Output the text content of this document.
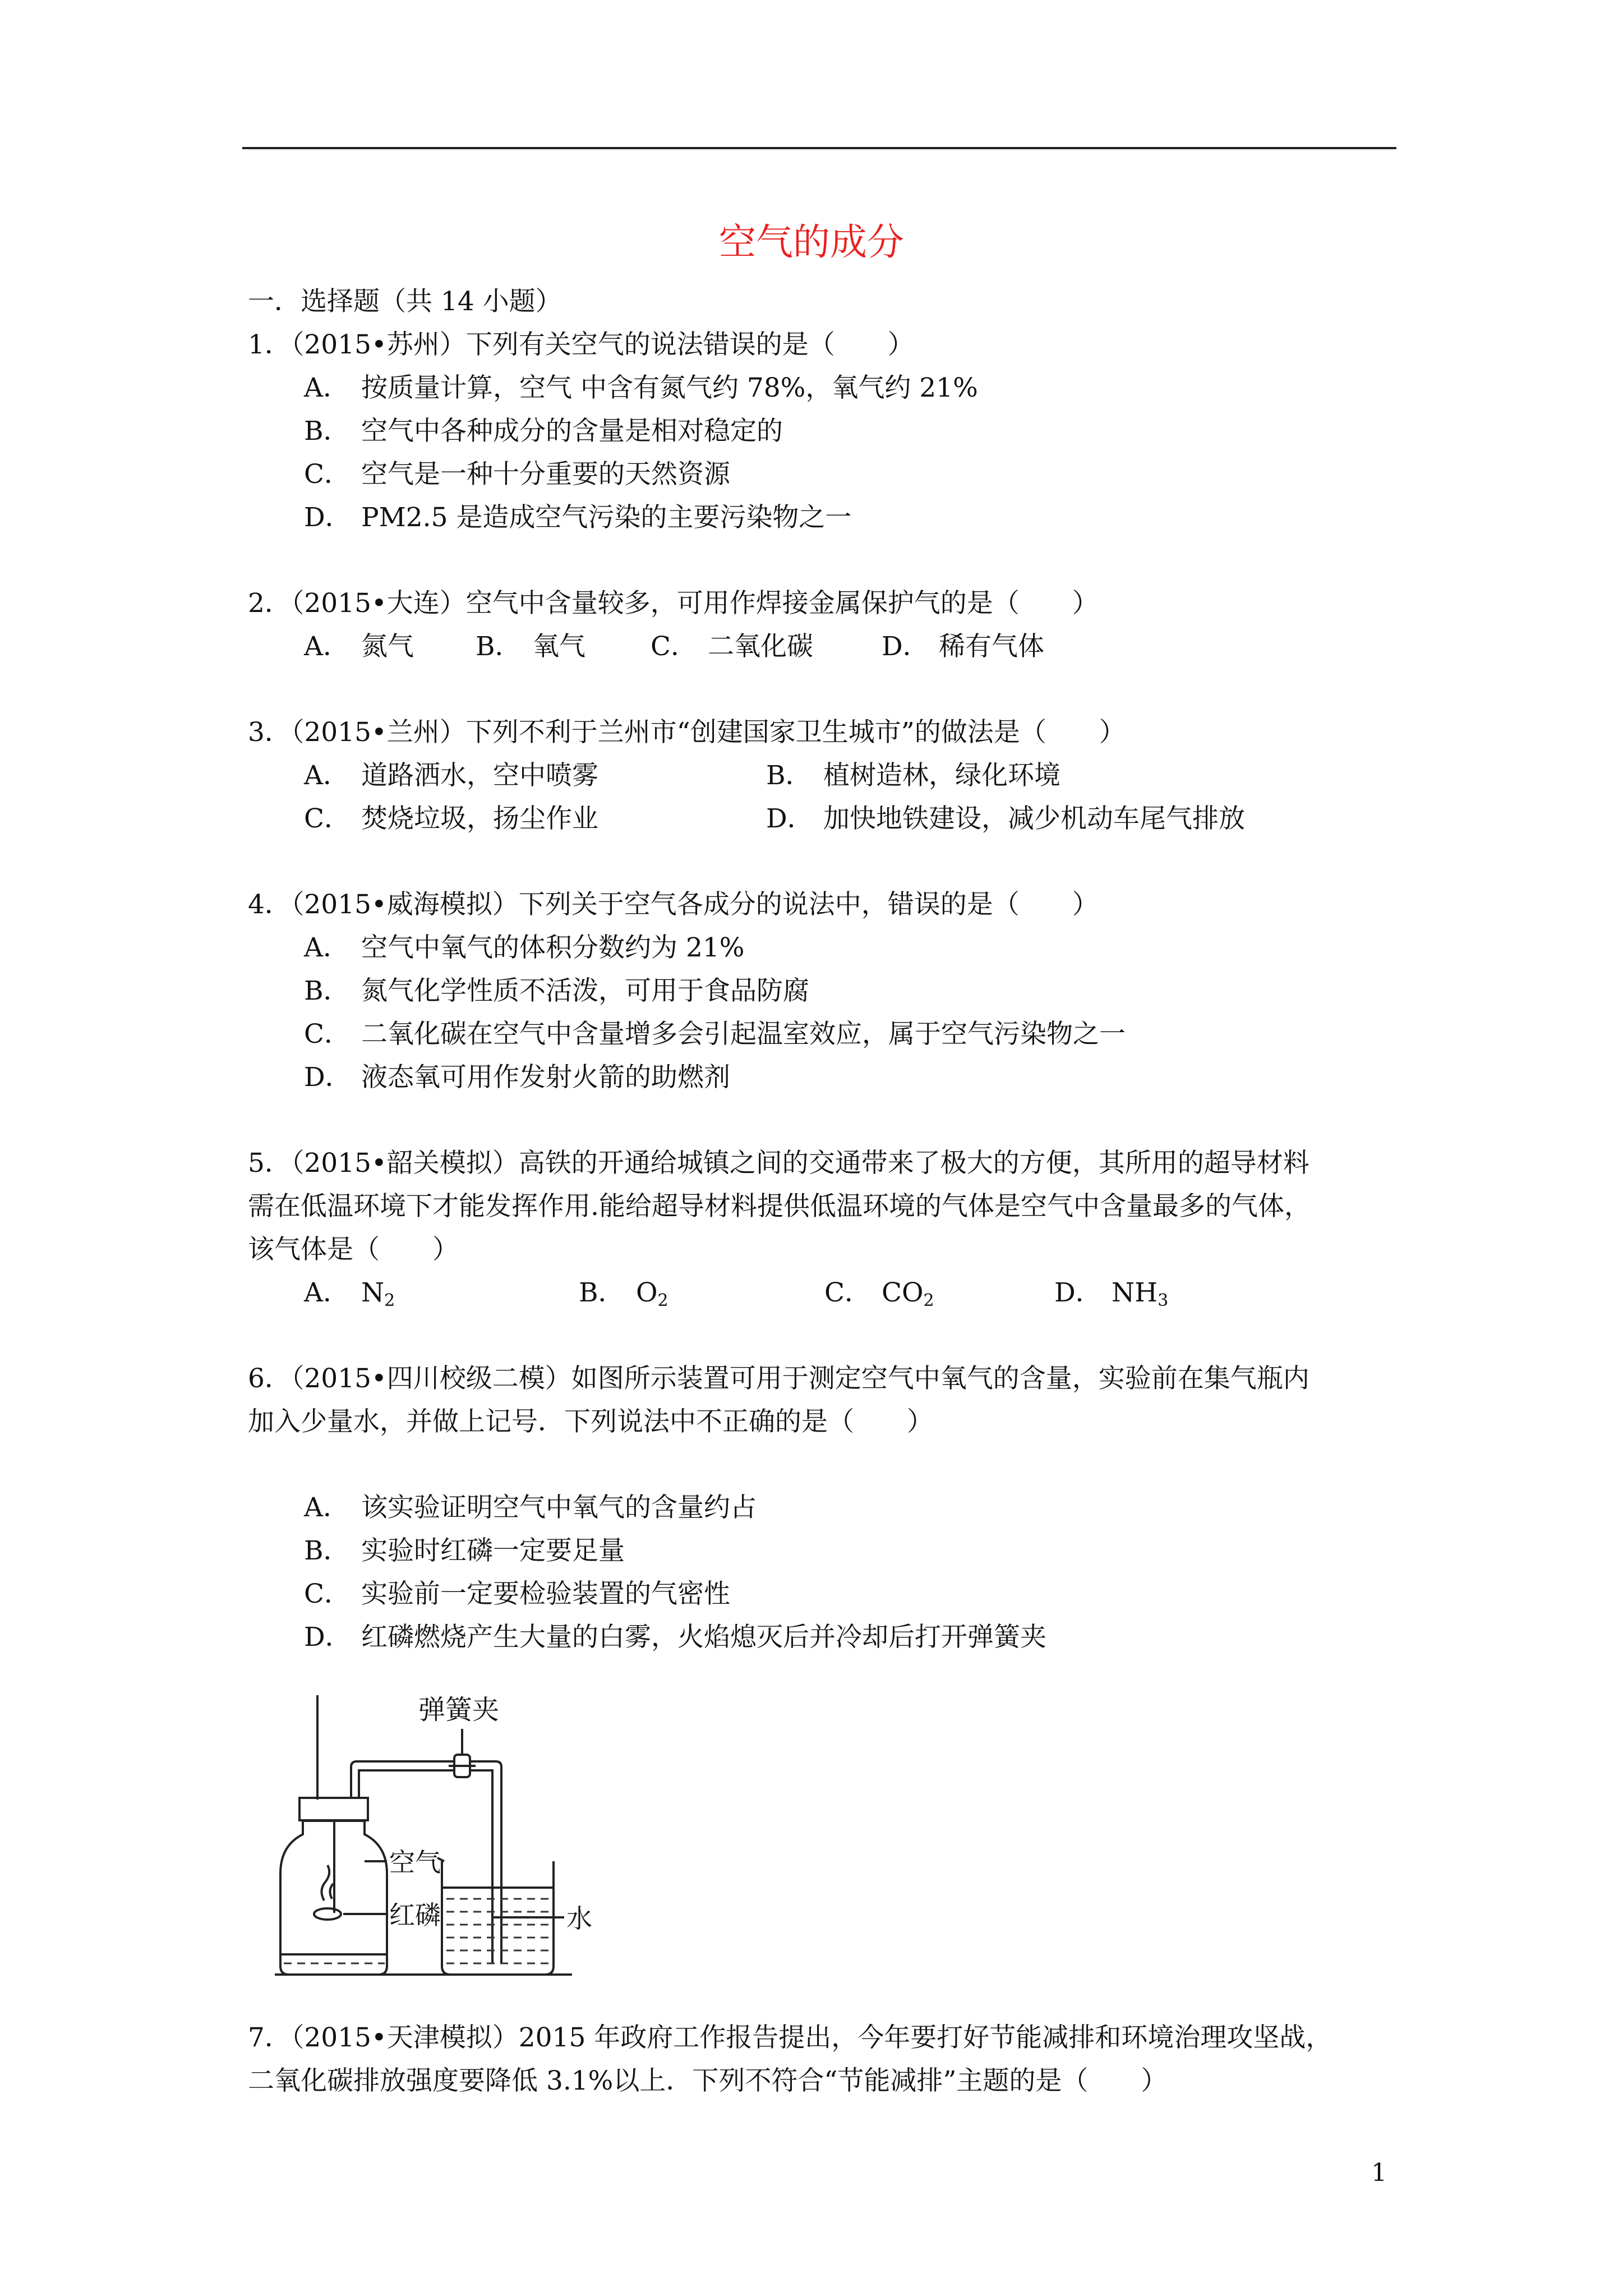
空气的成分
一．选择题（共 14 小题）
1．（2015•苏州）下列有关空气的说法错误的是（　　）
A． 按质量计算，空气 中含有氮气约 78%，氧气约 21%
B． 空气中各种成分的含量是相对稳定的
C． 空气是一种十分重要的天然资源
D． PM2.5 是造成空气污染的主要污染物之一
2．（2015•大连）空气中含量较多，可用作焊接金属保护气的是（　　）
A． 氮气 B． 氧气 C． 二氧化碳	D． 稀有气体
3．（2015•兰州）下列不利于兰州市“创建国家卫生城市”的做法是（　　）
A． 道路洒水，空中喷雾	B． 植树造林，绿化环境
C． 焚烧垃圾，扬尘作业	D． 加快地铁建设，减少机动车尾气排放
4．（2015•威海模拟）下列关于空气各成分的说法中，错误的是（　　）
A． 空气中氧气的体积分数约为 21%
B． 氮气化学性质不活泼，可用于食品防腐
C． 二氧化碳在空气中含量增多会引起温室效应，属于空气污染物之一
D． 液态氧可用作发射火箭的助燃剂
5．（2015•韶关模拟）高铁的开通给城镇之间的交通带来了极大的方便，其所用的超导材料
需在低温环境下才能发挥作用.能给超导材料提供低温环境的气体是空气中含量最多的气体，
该气体是（　　）
A． $N_2$	B． $O_2$	C． $CO_2$	D． $NH_3$
6．（2015•四川校级二模）如图所示装置可用于测定空气中氧气的含量，实验前在集气瓶内
加入少量水，并做上记号．下列说法中不正确的是（　　）
A． 该实验证明空气中氧气的含量约占
B． 实验时红磷一定要足量
C． 实验前一定要检验装置的气密性
D． 红磷燃烧产生大量的白雾，火焰熄灭后并冷却后打开弹簧夹
弹簧夹
空气
红磷	水
7．（2015•天津模拟）2015 年政府工作报告提出，今年要打好节能减排和环境治理攻坚战，
二氧化碳排放强度要降低 3.1%以上．下列不符合“节能减排”主题的是（　　）
1
